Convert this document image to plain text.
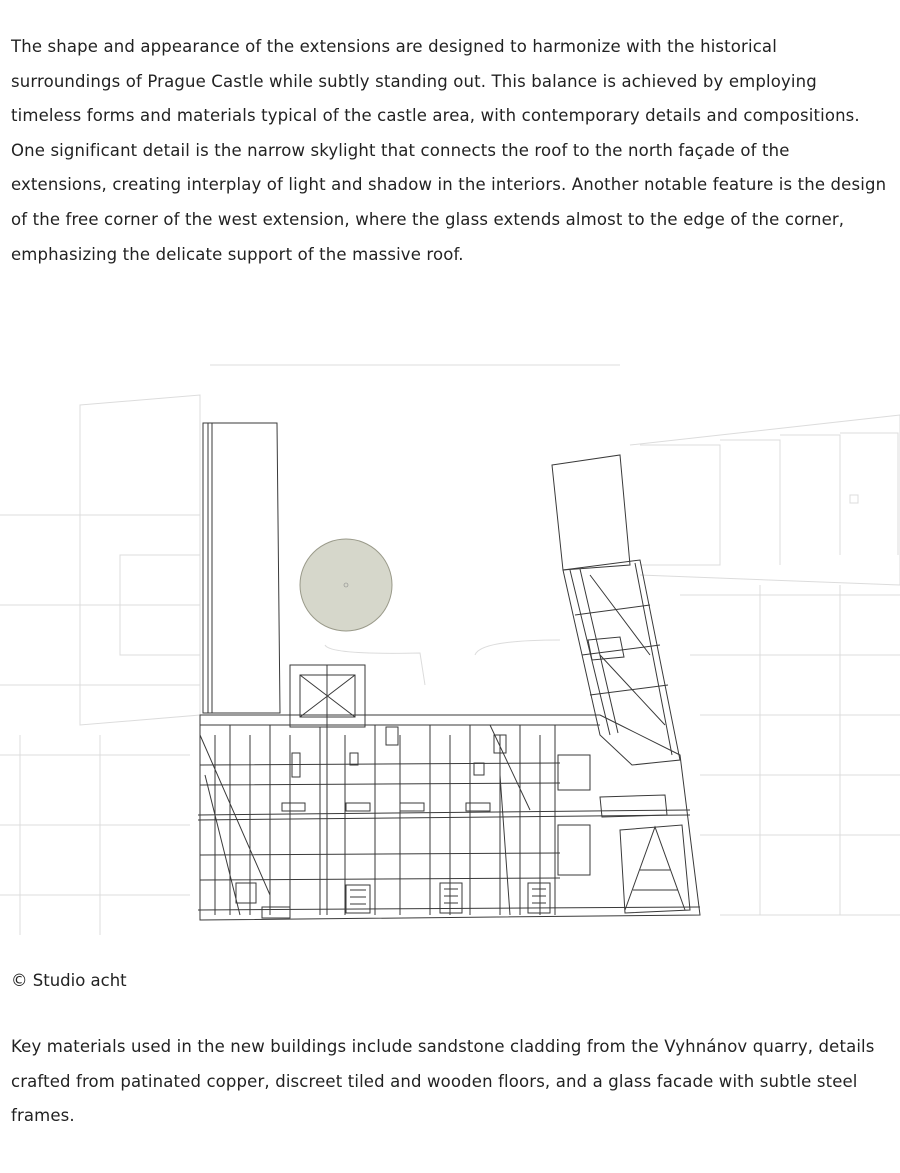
The shape and appearance of the extensions are designed to harmonize with the historical surroundings of Prague Castle while subtly standing out. This balance is achieved by employing timeless forms and materials typical of the castle area, with contemporary details and compositions. One significant detail is the narrow skylight that connects the roof to the north façade of the extensions, creating interplay of light and shadow in the interiors. Another notable feature is the design of the free corner of the west extension, where the glass extends almost to the edge of the corner, emphasizing the delicate support of the massive roof.

© Studio acht

Key materials used in the new buildings include sandstone cladding from the Vyhnánov quarry, details crafted from patinated copper, discreet tiled and wooden floors, and a glass facade with subtle steel frames.
